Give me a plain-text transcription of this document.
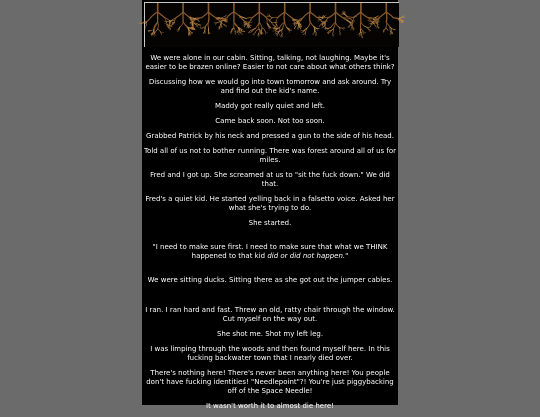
We were alone in our cabin. Sitting, talking, not laughing. Maybe it's easier to be brazen online? Easier to not care about what others think?

Discussing how we would go into town tomorrow and ask around. Try and find out the kid's name.

Maddy got really quiet and left.

Came back soon. Not too soon.

Grabbed Patrick by his neck and pressed a gun to the side of his head.

Told all of us not to bother running. There was forest around all of us for miles.

Fred and I got up. She screamed at us to "sit the fuck down." We did that.

Fred's a quiet kid. He started yelling back in a falsetto voice. Asked her what she's trying to do.

She started.

"I need to make sure first. I need to make sure that what we THINK happened to that kid did or did not happen."

We were sitting ducks. Sitting there as she got out the jumper cables.

I ran. I ran hard and fast. Threw an old, ratty chair through the window. Cut myself on the way out.

She shot me. Shot my left leg.

I was limping through the woods and then found myself here. In this fucking backwater town that I nearly died over.

There's nothing here! There's never been anything here! You people don't have fucking identities! "Needlepoint"?! You're just piggybacking off of the Space Needle!

It wasn't worth it to almost die here!
